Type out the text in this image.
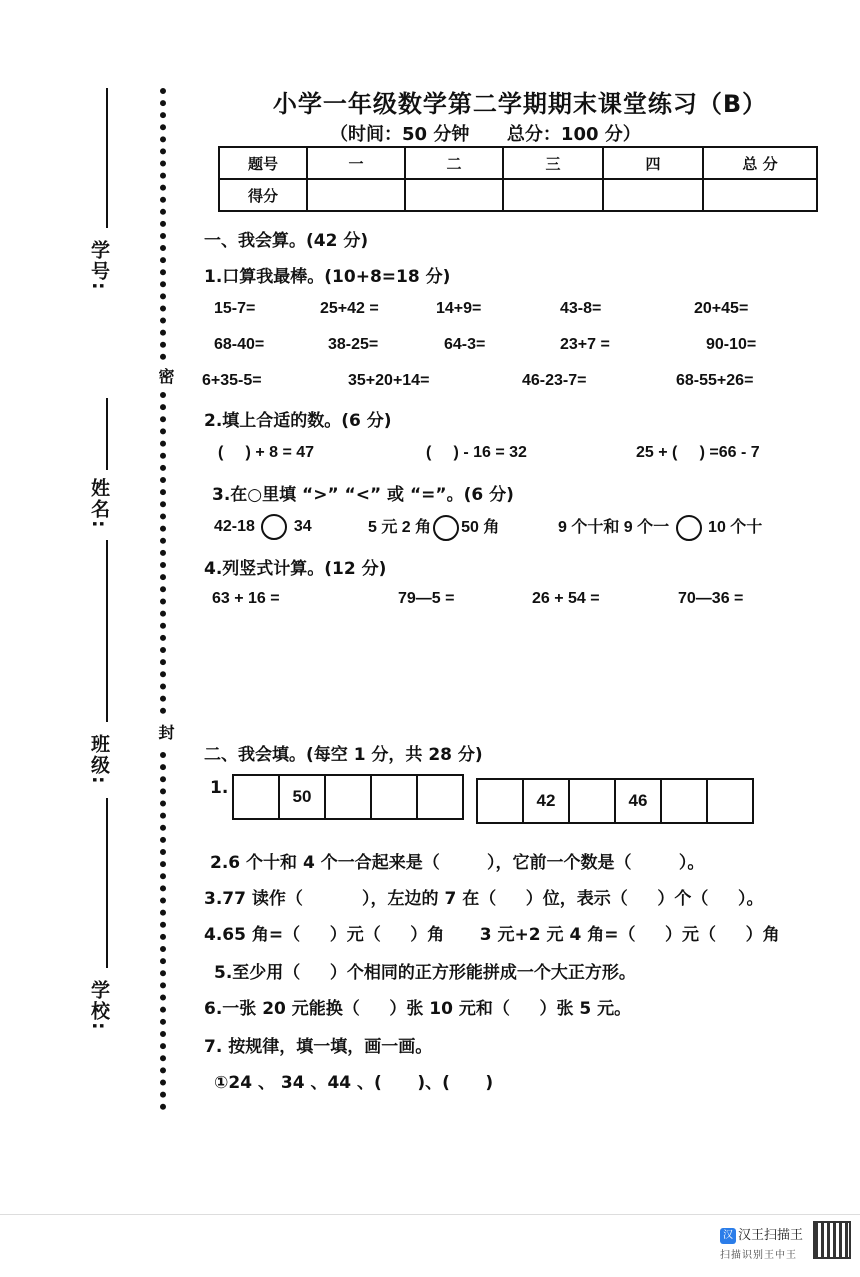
学号:
姓名:
班级:
学校:
密
封
小学一年级数学第二学期期末课堂练习（B）
（时间：50 分钟      总分：100 分）
题号	一	二	三	四	总 分
得分					
一、我会算。(42 分)
1.口算我最棒。(10+8=18 分)
15-7=	25+42 =	14+9=	43-8=	20+45=
68-40=	38-25=	64-3=	23+7 =	90-10=
6+35-5=	35+20+14=	46-23-7=	68-55+26=
2.填上合适的数。(6 分)
(     ) + 8 = 47	(     ) - 16 = 32	25 + (     ) =66 - 7
3.在○里填 “>” “<” 或 “=”。(6 分)
42-18 34	5 元 2 角 50 角	9 个十和 9 个一 10 个十
4.列竖式计算。(12 分)
63 + 16 =	79—5 =	26 + 54 =	70—36 =
二、我会填。(每空 1 分，共 28 分)
1.	50	42	46
2.6 个十和 4 个一合起来是（        ），它前一个数是（        ）。
3.77 读作（          ），左边的 7 在（     ）位，表示（     ）个（     ）。
4.65 角=（     ）元（     ）角      3 元+2 元 4 角=（     ）元（     ）角
5.至少用（     ）个相同的正方形能拼成一个大正方形。
6.一张 20 元能换（     ）张 10 元和（     ）张 5 元。
7. 按规律，填一填，画一画。
①24 、 34 、44 、(      )、(      )
汉 汉王扫描王
扫描识别王中王
